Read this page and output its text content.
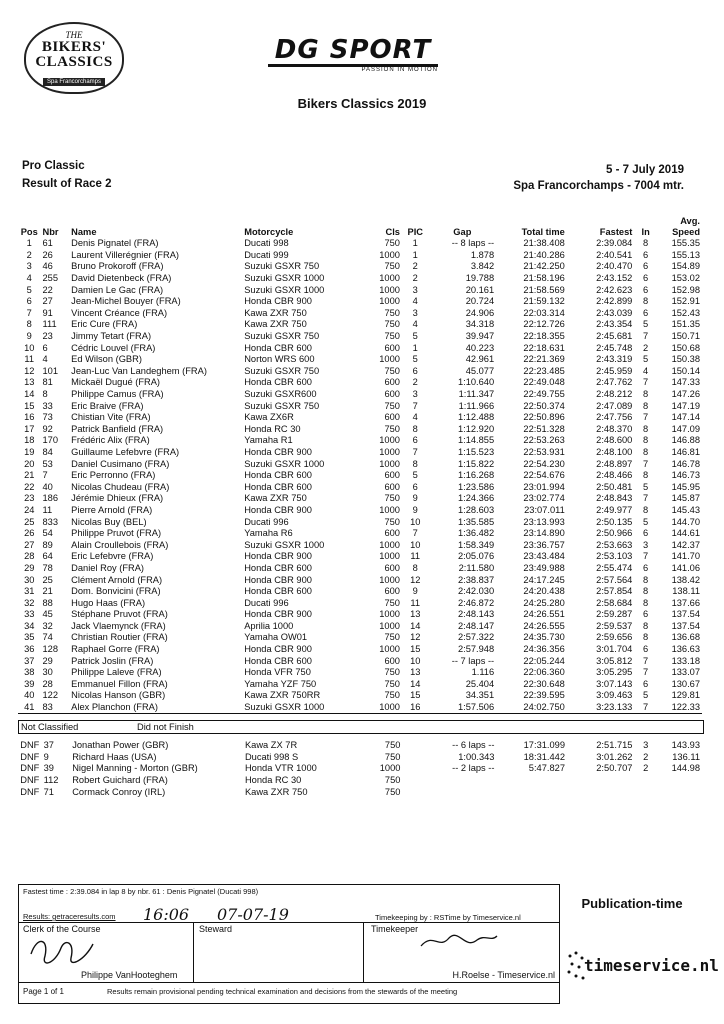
THE
BIKERS'
CLASSICS
Spa Francorchamps
DG SPORT
PASSION IN MOTION
Bikers Classics 2019
Pro Classic
Result of Race 2
5 - 7 July 2019
Spa Francorchamps - 7004 mtr.
Pos	Nbr	Name	Motorcycle	Cls	PIC	Gap	Total time	Fastest	In	Avg.
Speed

1	61	Denis Pignatel (FRA)	Ducati 998	750	1	-- 8 laps --	21:38.408	2:39.084	8	155.35
2	26	Laurent Villerégnier (FRA)	Ducati 999	1000	1	1.878	21:40.286	2:40.541	6	155.13
3	46	Bruno Prokoroff (FRA)	Suzuki GSXR 750	750	2	3.842	21:42.250	2:40.470	6	154.89
4	255	David Dietenbeck (FRA)	Suzuki GSXR 1000	1000	2	19.788	21:58.196	2:43.152	6	153.02
5	22	Damien Le Gac (FRA)	Suzuki GSXR 1000	1000	3	20.161	21:58.569	2:42.623	6	152.98
6	27	Jean-Michel Bouyer (FRA)	Honda CBR 900	1000	4	20.724	21:59.132	2:42.899	8	152.91
7	91	Vincent Créance (FRA)	Kawa ZXR 750	750	3	24.906	22:03.314	2:43.039	6	152.43
8	111	Eric Cure (FRA)	Kawa ZXR 750	750	4	34.318	22:12.726	2:43.354	5	151.35
9	23	Jimmy Tetart (FRA)	Suzuki GSXR 750	750	5	39.947	22:18.355	2:45.681	7	150.71
10	6	Cédric Louvel (FRA)	Honda CBR 600	600	1	40.223	22:18.631	2:45.748	2	150.68
11	4	Ed Wilson (GBR)	Norton WRS 600	1000	5	42.961	22:21.369	2:43.319	5	150.38
12	101	Jean-Luc Van Landeghem (FRA)	Suzuki GSXR 750	750	6	45.077	22:23.485	2:45.959	4	150.14
13	81	Mickaël Dugué (FRA)	Honda CBR 600	600	2	1:10.640	22:49.048	2:47.762	7	147.33
14	8	Philippe Camus (FRA)	Suzuki GSXR600	600	3	1:11.347	22:49.755	2:48.212	8	147.26
15	33	Eric Braive (FRA)	Suzuki GSXR 750	750	7	1:11.966	22:50.374	2:47.089	8	147.19
16	73	Chistian Vite (FRA)	Kawa ZX6R	600	4	1:12.488	22:50.896	2:47.756	7	147.14
17	92	Patrick Banfield (FRA)	Honda RC 30	750	8	1:12.920	22:51.328	2:48.370	8	147.09
18	170	Frédéric Alix (FRA)	Yamaha R1	1000	6	1:14.855	22:53.263	2:48.600	8	146.88
19	84	Guillaume Lefebvre (FRA)	Honda CBR 900	1000	7	1:15.523	22:53.931	2:48.100	8	146.81
20	53	Daniel Cusimano (FRA)	Suzuki GSXR 1000	1000	8	1:15.822	22:54.230	2:48.897	7	146.78
21	7	Eric Perronno (FRA)	Honda CBR 600	600	5	1:16.268	22:54.676	2:48.466	8	146.73
22	40	Nicolas Chudeau (FRA)	Honda CBR 600	600	6	1:23.586	23:01.994	2:50.481	5	145.95
23	186	Jérémie Dhieux (FRA)	Kawa ZXR 750	750	9	1:24.366	23:02.774	2:48.843	7	145.87
24	11	Pierre Arnold (FRA)	Honda CBR 900	1000	9	1:28.603	23:07.011	2:49.977	8	145.43
25	833	Nicolas Buy (BEL)	Ducati 996	750	10	1:35.585	23:13.993	2:50.135	5	144.70
26	54	Philippe Pruvot (FRA)	Yamaha R6	600	7	1:36.482	23:14.890	2:50.966	6	144.61
27	89	Alain Croullebois (FRA)	Suzuki GSXR 1000	1000	10	1:58.349	23:36.757	2:53.663	3	142.37
28	64	Eric Lefebvre (FRA)	Honda CBR 900	1000	11	2:05.076	23:43.484	2:53.103	7	141.70
29	78	Daniel Roy (FRA)	Honda CBR 600	600	8	2:11.580	23:49.988	2:55.474	6	141.06
30	25	Clément Arnold (FRA)	Honda CBR 900	1000	12	2:38.837	24:17.245	2:57.564	8	138.42
31	21	Dom. Bonvicini (FRA)	Honda CBR 600	600	9	2:42.030	24:20.438	2:57.854	8	138.11
32	88	Hugo Haas (FRA)	Ducati 996	750	11	2:46.872	24:25.280	2:58.684	8	137.66
33	45	Stéphane Pruvot (FRA)	Honda CBR 900	1000	13	2:48.143	24:26.551	2:59.287	6	137.54
34	32	Jack Vlaemynck (FRA)	Aprilia 1000	1000	14	2:48.147	24:26.555	2:59.537	8	137.54
35	74	Christian Routier (FRA)	Yamaha OW01	750	12	2:57.322	24:35.730	2:59.656	8	136.68
36	128	Raphael Gorre (FRA)	Honda CBR 900	1000	15	2:57.948	24:36.356	3:01.704	6	136.63
37	29	Patrick Joslin (FRA)	Honda CBR 600	600	10	-- 7 laps --	22:05.244	3:05.812	7	133.18
38	30	Philippe Laleve (FRA)	Honda VFR 750	750	13	1.116	22:06.360	3:05.295	7	133.07
39	28	Emmanuel Fillon (FRA)	Yamaha YZF 750	750	14	25.404	22:30.648	3:07.143	6	130.67
40	122	Nicolas Hanson (GBR)	Kawa ZXR 750RR	750	15	34.351	22:39.595	3:09.463	5	129.81
41	83	Alex Planchon (FRA)	Suzuki GSXR 1000	1000	16	1:57.506	24:02.750	3:23.133	7	122.33
Not Classified	Did not Finish
DNF	37	Jonathan Power (GBR)	Kawa ZX 7R	750		-- 6 laps --	17:31.099	2:51.715	3	143.93
DNF	9	Richard Haas (USA)	Ducati 998 S	750		1:00.343	18:31.442	3:01.262	2	136.11
DNF	39	Nigel Manning - Morton (GBR)	Honda VTR 1000	1000		-- 2 laps --	5:47.827	2:50.707	2	144.98
DNF	112	Robert Guichard (FRA)	Honda RC 30	750						
DNF	71	Cormack Conroy (IRL)	Kawa ZXR 750	750						
Fastest time : 2:39.084 in lap 8 by nbr. 61 : Denis Pignatel (Ducati 998)
Results: getraceresults.com 16:06 07-07-19	Timekeeping by : RSTime by Timeservice.nl
Clerk of the Course
Philippe VanHooteghem
Steward	Timekeeper
H.Roelse - Timeservice.nl
Page 1 of 1	Results remain provisional pending technical examination and decisions from the stewards of the meeting
Publication-time
timeservice.nl
